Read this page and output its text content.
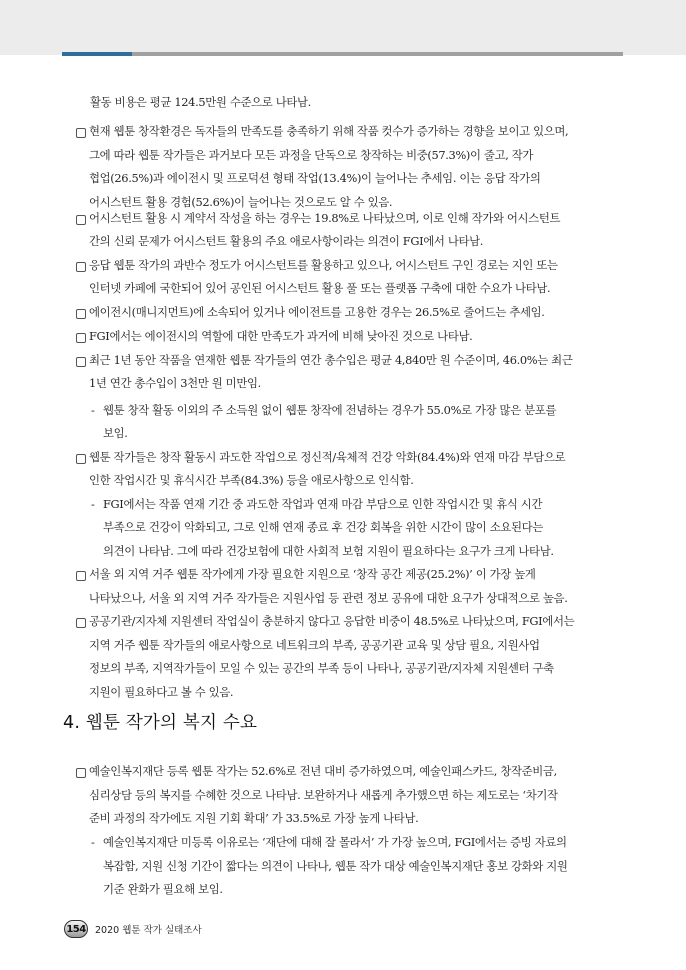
활동 비용은 평균 124.5만원 수준으로 나타남.
현재 웹툰 창작환경은 독자들의 만족도를 충족하기 위해 작품 컷수가 증가하는 경향을 보이고 있으며,
그에 따라 웹툰 작가들은 과거보다 모든 과정을 단독으로 창작하는 비중(57.3%)이 줄고, 작가
협업(26.5%)과 에이전시 및 프로덕션 형태 작업(13.4%)이 늘어나는 추세임. 이는 응답 작가의
어시스턴트 활용 경험(52.6%)이 늘어나는 것으로도 알 수 있음.
어시스턴트 활용 시 계약서 작성을 하는 경우는 19.8%로 나타났으며, 이로 인해 작가와 어시스턴트
간의 신뢰 문제가 어시스턴트 활용의 주요 애로사항이라는 의견이 FGI에서 나타남.
응답 웹툰 작가의 과반수 정도가 어시스턴트를 활용하고 있으나, 어시스턴트 구인 경로는 지인 또는
인터넷 카페에 국한되어 있어 공인된 어시스턴트 활용 풀 또는 플랫폼 구축에 대한 수요가 나타남.
에이전시(매니지먼트)에 소속되어 있거나 에이전트를 고용한 경우는 26.5%로 줄어드는 추세임.
FGI에서는 에이전시의 역할에 대한 만족도가 과거에 비해 낮아진 것으로 나타남.
최근 1년 동안 작품을 연재한 웹툰 작가들의 연간 총수입은 평균 4,840만 원 수준이며, 46.0%는 최근
1년 연간 총수입이 3천만 원 미만임.
- 웹툰 창작 활동 이외의 주 소득원 없이 웹툰 창작에 전념하는 경우가 55.0%로 가장 많은 분포를
보임.
웹툰 작가들은 창작 활동시 과도한 작업으로 정신적/육체적 건강 악화(84.4%)와 연재 마감 부담으로
인한 작업시간 및 휴식시간 부족(84.3%) 등을 애로사항으로 인식함.
- FGI에서는 작품 연재 기간 중 과도한 작업과 연재 마감 부담으로 인한 작업시간 및 휴식 시간
부족으로 건강이 악화되고, 그로 인해 연재 종료 후 건강 회복을 위한 시간이 많이 소요된다는
의견이 나타남. 그에 따라 건강보험에 대한 사회적 보험 지원이 필요하다는 요구가 크게 나타남.
서울 외 지역 거주 웹툰 작가에게 가장 필요한 지원으로 ‘창작 공간 제공(25.2%)’ 이 가장 높게
나타났으나, 서울 외 지역 거주 작가들은 지원사업 등 관련 정보 공유에 대한 요구가 상대적으로 높음.
공공기관/지자체 지원센터 작업실이 충분하지 않다고 응답한 비중이 48.5%로 나타났으며, FGI에서는
지역 거주 웹툰 작가들의 애로사항으로 네트워크의 부족, 공공기관 교육 및 상담 필요, 지원사업
정보의 부족, 지역작가들이 모일 수 있는 공간의 부족 등이 나타나, 공공기관/지자체 지원센터 구축
지원이 필요하다고 볼 수 있음.
4. 웹툰 작가의 복지 수요
예술인복지재단 등록 웹툰 작가는 52.6%로 전년 대비 증가하였으며, 예술인패스카드, 창작준비금,
심리상담 등의 복지를 수혜한 것으로 나타남. 보완하거나 새롭게 추가했으면 하는 제도로는 ‘차기작
준비 과정의 작가에도 지원 기회 확대’ 가 33.5%로 가장 높게 나타남.
- 예술인복지재단 미등록 이유로는 ‘재단에 대해 잘 몰라서’ 가 가장 높으며, FGI에서는 증빙 자료의
복잡함, 지원 신청 기간이 짧다는 의견이 나타나, 웹툰 작가 대상 예술인복지재단 홍보 강화와 지원
기준 완화가 필요해 보임.
154 2020 웹툰 작가 실태조사
